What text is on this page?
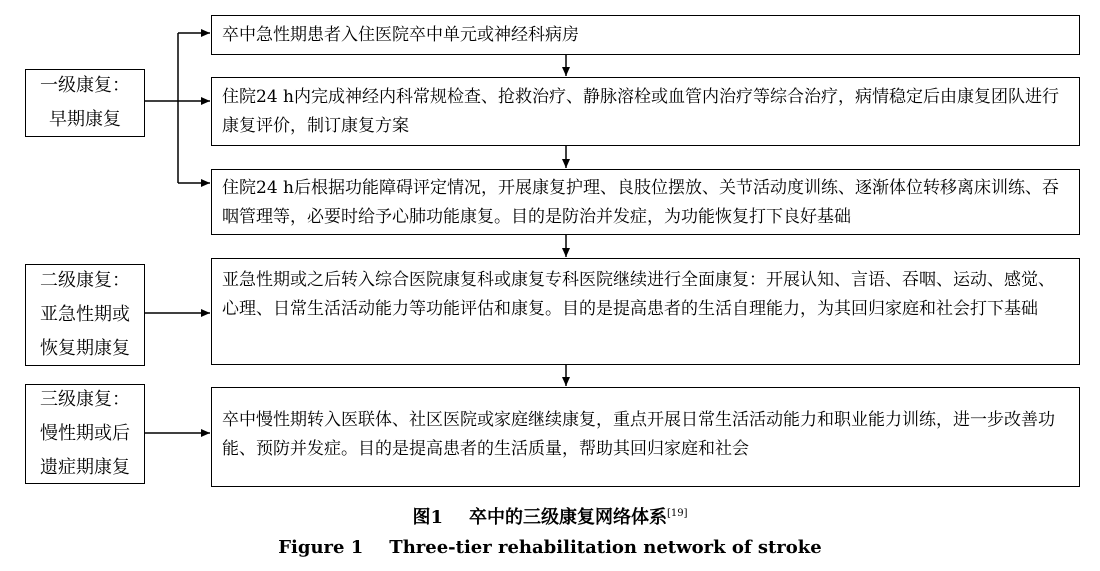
一级康复：
早期康复
二级康复：
亚急性期或
恢复期康复
三级康复：
慢性期或后
遗症期康复
卒中急性期患者入住医院卒中单元或神经科病房
住院24 h内完成神经内科常规检查、抢救治疗、静脉溶栓或血管内治疗等综合治疗，病情稳定后由康复团队进行康复评价，制订康复方案
住院24 h后根据功能障碍评定情况，开展康复护理、良肢位摆放、关节活动度训练、逐渐体位转移离床训练、吞咽管理等，必要时给予心肺功能康复。目的是防治并发症，为功能恢复打下良好基础
亚急性期或之后转入综合医院康复科或康复专科医院继续进行全面康复：开展认知、言语、吞咽、运动、感觉、心理、日常生活活动能力等功能评估和康复。目的是提高患者的生活自理能力，为其回归家庭和社会打下基础
卒中慢性期转入医联体、社区医院或家庭继续康复，重点开展日常生活活动能力和职业能力训练，进一步改善功能、预防并发症。目的是提高患者的生活质量，帮助其回归家庭和社会
图1 卒中的三级康复网络体系[19]
Figure 1 Three-tier rehabilitation network of stroke
